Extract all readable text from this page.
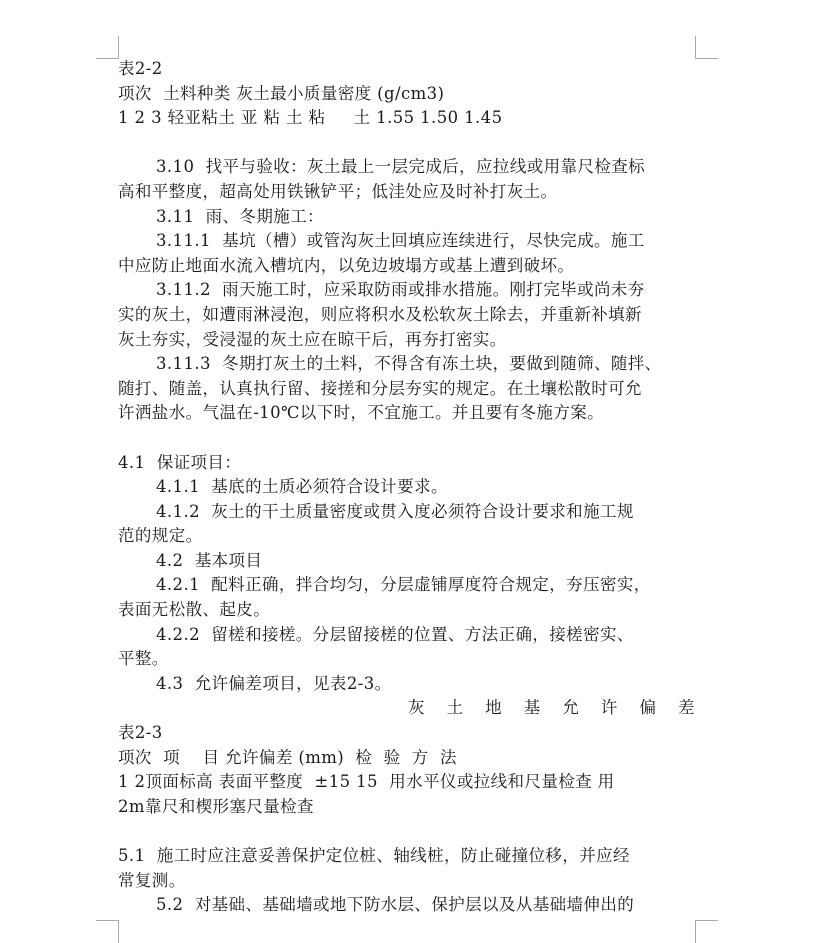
表2-2
项次  土料种类 灰土最小质量密度 (g/cm3)
1 2 3 轻亚粘土 亚 粘 土 粘     土 1.55 1.50 1.45
3.10  找平与验收：灰土最上一层完成后，应拉线或用靠尺检查标
高和平整度，超高处用铁锹铲平；低洼处应及时补打灰土。
3.11  雨、冬期施工：
3.11.1  基坑（槽）或管沟灰土回填应连续进行，尽快完成。施工
中应防止地面水流入槽坑内，以免边坡塌方或基上遭到破坏。
3.11.2  雨天施工时，应采取防雨或排水措施。刚打完毕或尚未夯
实的灰土，如遭雨淋浸泡，则应将积水及松软灰土除去，并重新补填新
灰土夯实，受浸湿的灰土应在晾干后，再夯打密实。
3.11.3  冬期打灰土的土料，不得含有冻土块，要做到随筛、随拌、
随打、随盖，认真执行留、接搓和分层夯实的规定。在土壤松散时可允
许洒盐水。气温在-10℃以下时，不宜施工。并且要有冬施方案。
4.1  保证项目：
4.1.1  基底的土质必须符合设计要求。
4.1.2  灰土的干土质量密度或贯入度必须符合设计要求和施工规
范的规定。
4.2  基本项目
4.2.1  配料正确，拌合均匀，分层虚铺厚度符合规定，夯压密实，
表面无松散、起皮。
4.2.2  留槎和接槎。分层留接槎的位置、方法正确，接槎密实、
平整。
4.3  允许偏差项目，见表2-3。
灰 土 地 基 允 许 偏 差
表2-3
项次  项    目 允许偏差 (mm)  检  验  方  法
1 2顶面标高 表面平整度  ±15 15  用水平仪或拉线和尺量检查 用
2m靠尺和楔形塞尺量检查
5.1  施工时应注意妥善保护定位桩、轴线桩，防止碰撞位移，并应经
常复测。
5.2  对基础、基础墙或地下防水层、保护层以及从基础墙伸出的
